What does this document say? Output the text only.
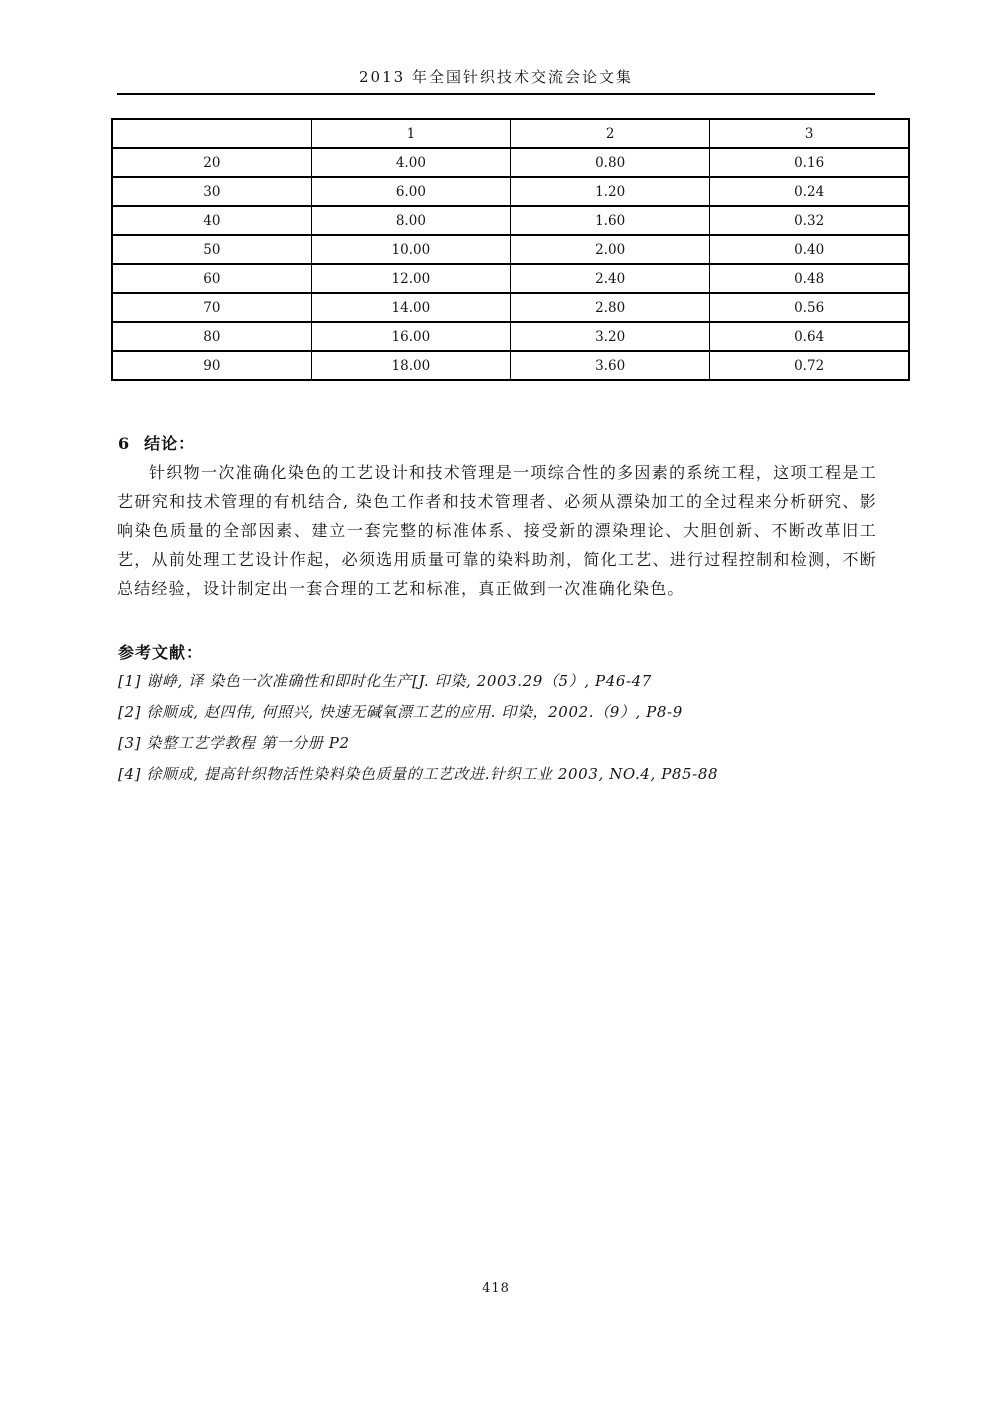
2013 年全国针织技术交流会论文集
	1	2	3
20	4.00	0.80	0.16
30	6.00	1.20	0.24
40	8.00	1.60	0.32
50	10.00	2.00	0.40
60	12.00	2.40	0.48
70	14.00	2.80	0.56
80	16.00	3.20	0.64
90	18.00	3.60	0.72
6 结论：
针织物一次准确化染色的工艺设计和技术管理是一项综合性的多因素的系统工程，这项工程是工艺研究和技术管理的有机结合, 染色工作者和技术管理者、必须从漂染加工的全过程来分析研究、影响染色质量的全部因素、建立一套完整的标准体系、接受新的漂染理论、大胆创新、不断改革旧工艺，从前处理工艺设计作起，必须选用质量可靠的染料助剂，简化工艺、进行过程控制和检测，不断总结经验，设计制定出一套合理的工艺和标准，真正做到一次准确化染色。
参考文献：
[1] 谢峥, 译 染色一次准确性和即时化生产[J. 印染, 2003.29（5）, P46-47
[2] 徐顺成, 赵四伟, 何照兴, 快速无碱氧漂工艺的应用. 印染，2002.（9）, P8-9
[3] 染整工艺学教程 第一分册 P2
[4] 徐顺成, 提高针织物活性染料染色质量的工艺改进.针织工业 2003, NO.4, P85-88
418
